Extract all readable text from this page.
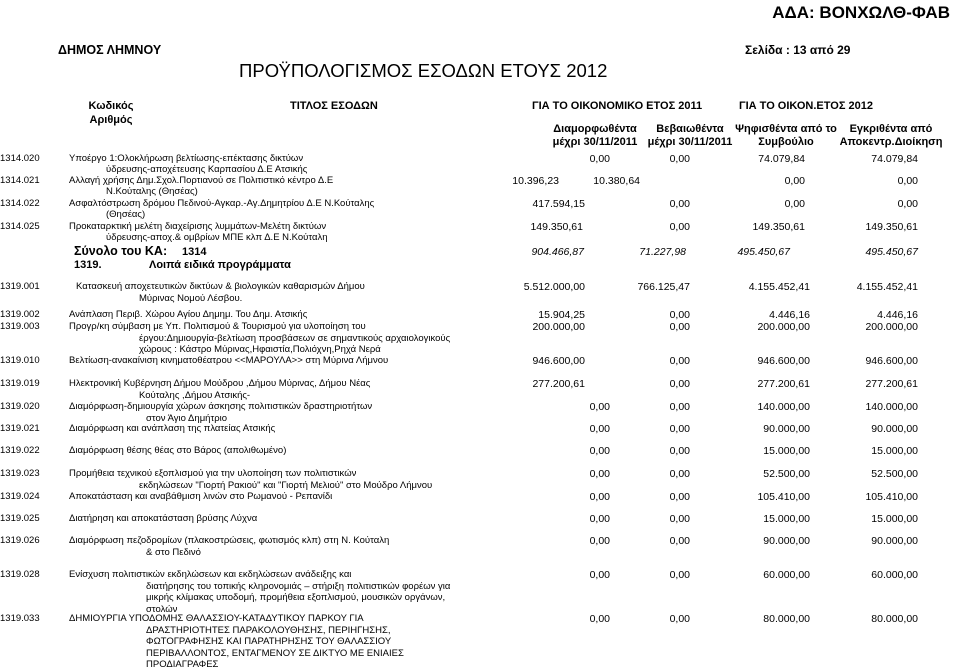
ΑΔΑ: ΒΟΝΧΩΛΘ-ΦΑΒ
ΔΗΜΟΣ ΛΗΜΝΟΥ	Σελίδα : 13 από 29
ΠΡΟΫΠΟΛΟΓΙΣΜΟΣ ΕΣΟΔΩΝ ΕΤΟΥΣ 2012
Κωδικός
Αριθμός
ΤΙΤΛΟΣ ΕΣΟΔΩΝ	ΓΙΑ ΤΟ ΟΙΚΟΝΟΜΙΚΟ ΕΤΟΣ 2011	ΓΙΑ ΤΟ ΟΙΚΟΝ.ΕΤΟΣ 2012
Διαμορφωθέντα
μέχρι 30/11/2011
Βεβαιωθέντα
μέχρι 30/11/2011
Ψηφισθέντα από το
Συμβούλιο
Εγκριθέντα από
Αποκεντρ.Διοίκηση
1314.020	Υποέργο 1:Ολοκλήρωση βελτίωσης-επέκτασης δικτύων
ύδρευσης-αποχέτευσης Καρπασίου Δ.Ε Ατσικής
0,00	0,00	74.079,84	74.079,84
1314.021	Αλλαγή χρήσης Δημ.Σχολ.Πορτιανού σε Πολιτιστικό κέντρο Δ.Ε
Ν.Κούταλης (Θησέας)
10.396,23	10.380,64	0,00	0,00
1314.022	Ασφαλτόστρωση δρόμου Πεδινού-Αγκαρ.-Αγ.Δημητρίου Δ.Ε Ν.Κούταλης
(Θησέας)
417.594,15	0,00	0,00	0,00
1314.025	Προκαταρκτική μελέτη διαχείρισης λυμμάτων-Μελέτη δικτύων
ύδρευσης-αποχ.& ομβρίων ΜΠΕ κλπ Δ.Ε Ν.Κούταλη
149.350,61	0,00	149.350,61	149.350,61
Σύνολο του ΚΑ: 1314	904.466,87	71.227,98	495.450,67	495.450,67
1319.	Λοιπά ειδικά προγράμματα
1319.001	Κατασκευή αποχετευτικών δικτύων & βιολογικών καθαρισμών Δήμου
Μύρινας Νομού Λέσβου.
5.512.000,00	766.125,47	4.155.452,41	4.155.452,41
1319.002	Ανάπλαση Περιβ. Χώρου Αγίου Δημημ. Του Δημ. Ατσικής	15.904,25	0,00	4.446,16	4.446,16
1319.003	Προγρ/κη σύμβαση με Υπ. Πολιτισμού & Τουρισμού για υλοποίηση του
έργου:Δημιουργία-βελτίωση προσβάσεων σε σημαντικούς αρχαιολογικούς
χώρους : Κάστρο Μύρινας,Ηφαιστία,Πολιόχνη,Ρηχά Νερά
200.000,00	0,00	200.000,00	200.000,00
1319.010	Βελτίωση-ανακαίνιση κινηματοθέατρου <<ΜΑΡΟΥΛΑ>> στη Μύρινα Λήμνου	946.600,00	0,00	946.600,00	946.600,00
1319.019	Ηλεκτρονική Κυβέρνηση Δήμου Μούδρου ,Δήμου Μύρινας, Δήμου Νέας
Κούταλης ,Δήμου Ατσικής-
277.200,61	0,00	277.200,61	277.200,61
1319.020	Διαμόρφωση-δημιουργία χώρων άσκησης πολιτιστικών δραστηριοτήτων
στον Άγιο Δημήτριο
0,00	0,00	140.000,00	140.000,00
1319.021	Διαμόρφωση και ανάπλαση της πλατείας Ατσικής	0,00	0,00	90.000,00	90.000,00
1319.022	Διαμόρφωση θέσης θέας στο Βάρος (απολιθωμένο)	0,00	0,00	15.000,00	15.000,00
1319.023	Προμήθεια τεχνικού εξοπλισμού για την υλοποίηση των πολιτιστικών
εκδηλώσεων "Γιορτή Ρακιού" και "Γιορτή Μελιού" στο Μούδρο Λήμνου
0,00	0,00	52.500,00	52.500,00
1319.024	Αποκατάσταση και αναβάθμιση λινών στο Ρωμανού - Ρεπανίδι	0,00	0,00	105.410,00	105.410,00
1319.025	Διατήρηση και αποκατάσταση βρύσης Λύχνα	0,00	0,00	15.000,00	15.000,00
1319.026	Διαμόρφωση πεζοδρομίων (πλακοστρώσεις, φωτισμός κλπ) στη Ν. Κούταλη
& στο Πεδινό
0,00	0,00	90.000,00	90.000,00
1319.028	Ενίσχυση πολιτιστικών εκδηλώσεων και εκδηλώσεων ανάδειξης και
διατήρησης του τοπικής κληρονομιάς – στήριξη πολιτιστικών φορέων για
μικρής κλίμακας υποδομή, προμήθεια εξοπλισμού, μουσικών οργάνων,
στολών
0,00	0,00	60.000,00	60.000,00
1319.033	ΔΗΜΙΟΥΡΓΙΑ ΥΠΟΔΟΜΗΣ ΘΑΛΑΣΣΙΟΥ-ΚΑΤΑΔΥΤΙΚΟΥ ΠΑΡΚΟΥ ΓΙΑ
ΔΡΑΣΤΗΡΙΟΤΗΤΕΣ ΠΑΡΑΚΟΛΟΥΘΗΣΗΣ, ΠΕΡΙΗΓΗΣΗΣ,
ΦΩΤΟΓΡΑΦΗΣΗΣ ΚΑΙ ΠΑΡΑΤΗΡΗΣΗΣ ΤΟΥ ΘΑΛΑΣΣΙΟΥ
ΠΕΡΙΒΑΛΛΟΝΤΟΣ, ΕΝΤΑΓΜΕΝΟΥ ΣΕ ΔΙΚΤΥΟ ΜΕ ΕΝΙΑΙΕΣ
ΠΡΟΔΙΑΓΡΑΦΕΣ
0,00	0,00	80.000,00	80.000,00
